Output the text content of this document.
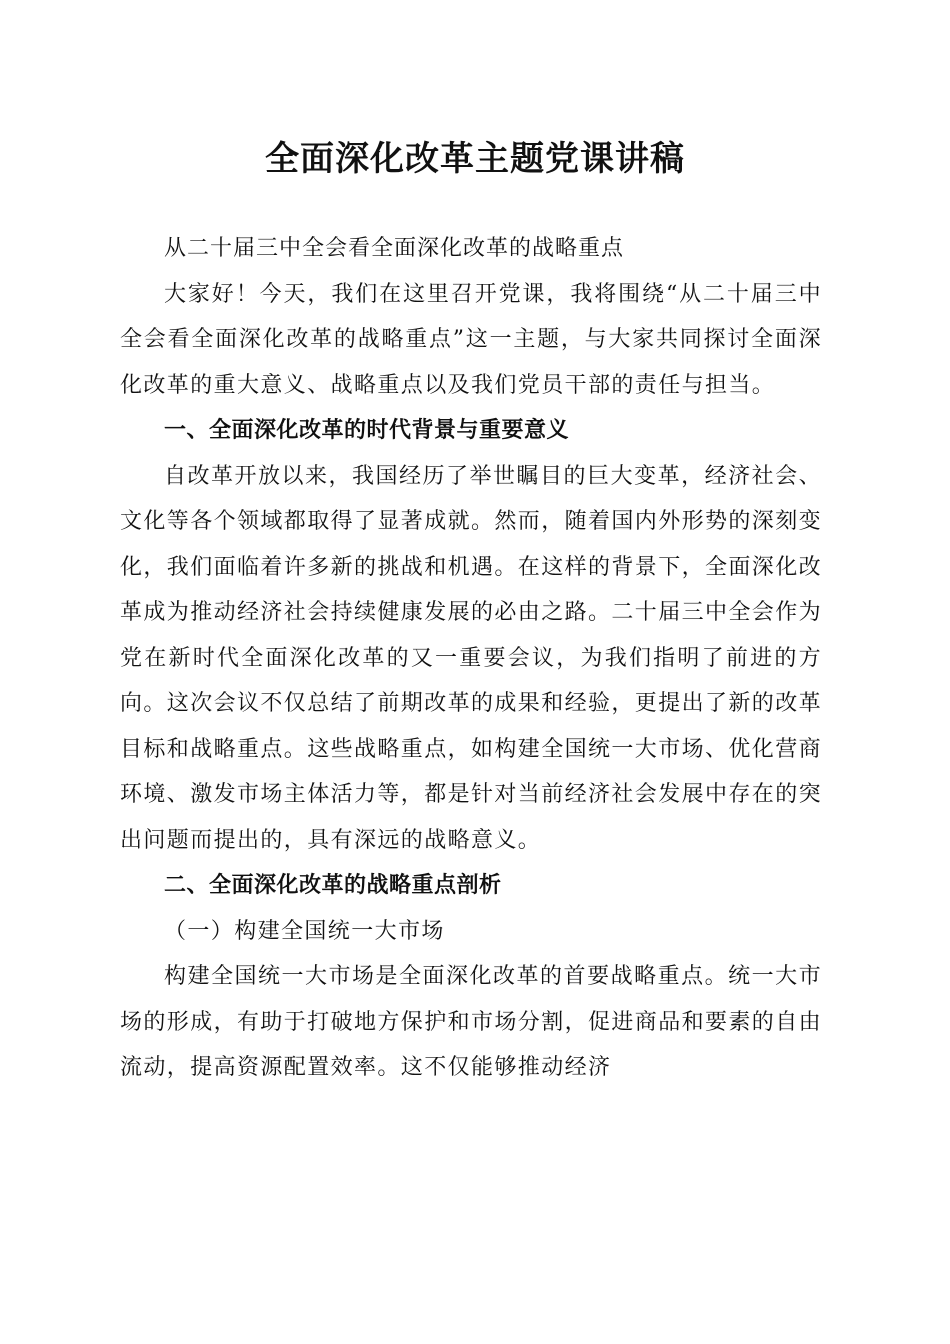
全面深化改革主题党课讲稿

从二十届三中全会看全面深化改革的战略重点

大家好！今天，我们在这里召开党课，我将围绕“从二十届三中全会看全面深化改革的战略重点”这一主题，与大家共同探讨全面深化改革的重大意义、战略重点以及我们党员干部的责任与担当。

一、全面深化改革的时代背景与重要意义

自改革开放以来，我国经历了举世瞩目的巨大变革，经济社会、文化等各个领域都取得了显著成就。然而，随着国内外形势的深刻变化，我们面临着许多新的挑战和机遇。在这样的背景下，全面深化改革成为推动经济社会持续健康发展的必由之路。二十届三中全会作为党在新时代全面深化改革的又一重要会议，为我们指明了前进的方向。这次会议不仅总结了前期改革的成果和经验，更提出了新的改革目标和战略重点。这些战略重点，如构建全国统一大市场、优化营商环境、激发市场主体活力等，都是针对当前经济社会发展中存在的突出问题而提出的，具有深远的战略意义。

二、全面深化改革的战略重点剖析
（一）构建全国统一大市场

构建全国统一大市场是全面深化改革的首要战略重点。统一大市场的形成，有助于打破地方保护和市场分割，促进商品和要素的自由流动，提高资源配置效率。这不仅能够推动经济
